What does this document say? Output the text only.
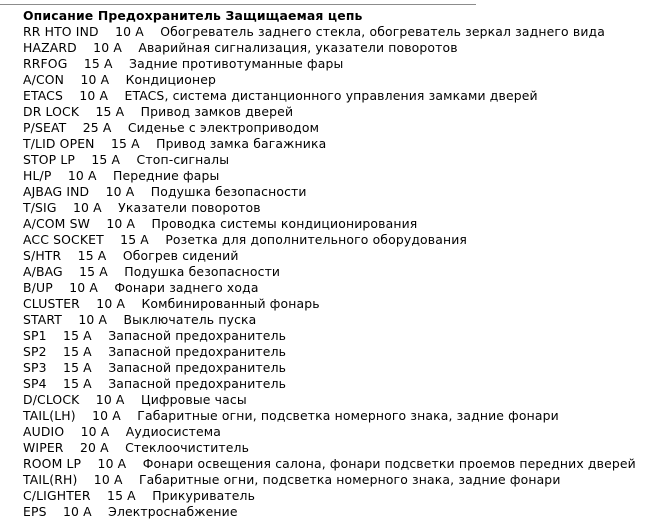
Описание Предохранитель Защищаемая цепь
RR HTO IND 10 A Обогреватель заднего стекла, обогреватель зеркал заднего вида
HAZARD 10 A Аварийная сигнализация, указатели поворотов
RRFOG 15 A Задние противотуманные фары
A/CON 10 A Кондиционер
ETACS 10 A ETACS, система дистанционного управления замками дверей
DR LOCK 15 A Привод замков дверей
P/SEAT 25 A Сиденье с электроприводом
T/LID OPEN 15 A Привод замка багажника
STOP LP 15 A Стоп-сигналы
HL/P 10 A Передние фары
AJBAG IND 10 A Подушка безопасности
T/SIG 10 A Указатели поворотов
A/COM SW 10 A Проводка системы кондиционирования
ACC SOCKET 15 A Розетка для дополнительного оборудования
S/HTR 15 A Обогрев сидений
A/BAG 15 A Подушка безопасности
B/UP 10 A Фонари заднего хода
CLUSTER 10 A Комбинированный фонарь
START 10 A Выключатель пуска
SP1 15 A Запасной предохранитель
SP2 15 A Запасной предохранитель
SP3 15 A Запасной предохранитель
SP4 15 A Запасной предохранитель
D/CLOCK 10 A Цифровые часы
TAIL(LH) 10 A Габаритные огни, подсветка номерного знака, задние фонари
AUDIO 10 A Аудиосистема
WIPER 20 A Стеклоочиститель
ROOM LP 10 A Фонари освещения салона, фонари подсветки проемов передних дверей
TAIL(RH) 10 A Габаритные огни, подсветка номерного знака, задние фонари
C/LIGHTER 15 A Прикуриватель
EPS 10 A Электроснабжение
